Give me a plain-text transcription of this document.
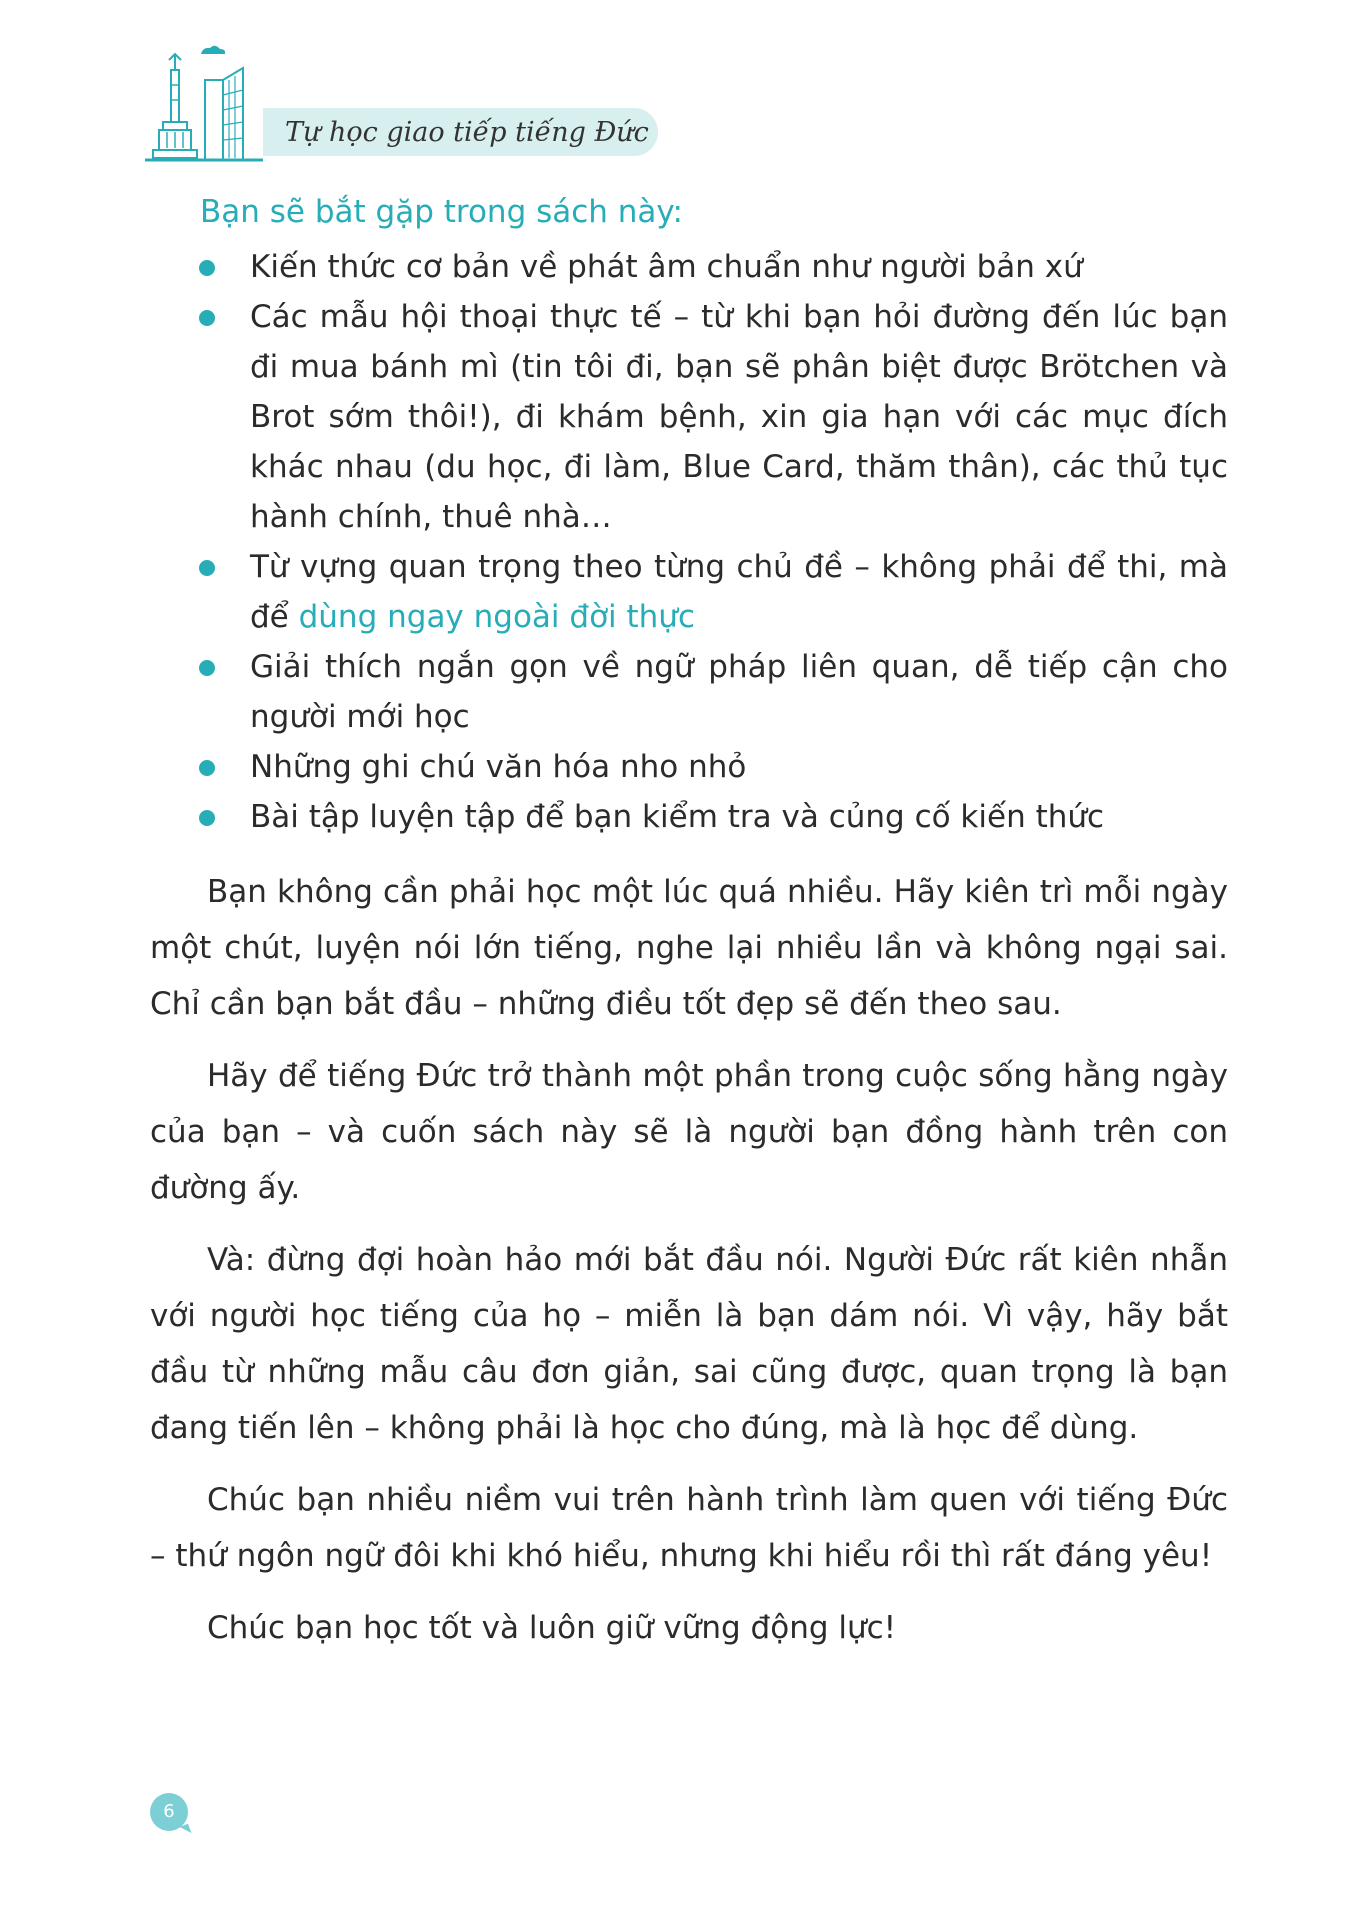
Tự học giao tiếp tiếng Đức
Bạn sẽ bắt gặp trong sách này:
Kiến thức cơ bản về phát âm chuẩn như người bản xứ
Các mẫu hội thoại thực tế – từ khi bạn hỏi đường đến lúc bạn đi mua bánh mì (tin tôi đi, bạn sẽ phân biệt được Brötchen và Brot sớm thôi!), đi khám bệnh, xin gia hạn với các mục đích khác nhau (du học, đi làm, Blue Card, thăm thân), các thủ tục hành chính, thuê nhà…
Từ vựng quan trọng theo từng chủ đề – không phải để thi, mà để dùng ngay ngoài đời thực
Giải thích ngắn gọn về ngữ pháp liên quan, dễ tiếp cận cho người mới học
Những ghi chú văn hóa nho nhỏ
Bài tập luyện tập để bạn kiểm tra và củng cố kiến thức

Bạn không cần phải học một lúc quá nhiều. Hãy kiên trì mỗi ngày một chút, luyện nói lớn tiếng, nghe lại nhiều lần và không ngại sai. Chỉ cần bạn bắt đầu – những điều tốt đẹp sẽ đến theo sau.

Hãy để tiếng Đức trở thành một phần trong cuộc sống hằng ngày của bạn – và cuốn sách này sẽ là người bạn đồng hành trên con đường ấy.

Và: đừng đợi hoàn hảo mới bắt đầu nói. Người Đức rất kiên nhẫn với người học tiếng của họ – miễn là bạn dám nói. Vì vậy, hãy bắt đầu từ những mẫu câu đơn giản, sai cũng được, quan trọng là bạn đang tiến lên – không phải là học cho đúng, mà là học để dùng.

Chúc bạn nhiều niềm vui trên hành trình làm quen với tiếng Đức – thứ ngôn ngữ đôi khi khó hiểu, nhưng khi hiểu rồi thì rất đáng yêu!

Chúc bạn học tốt và luôn giữ vững động lực!

6
